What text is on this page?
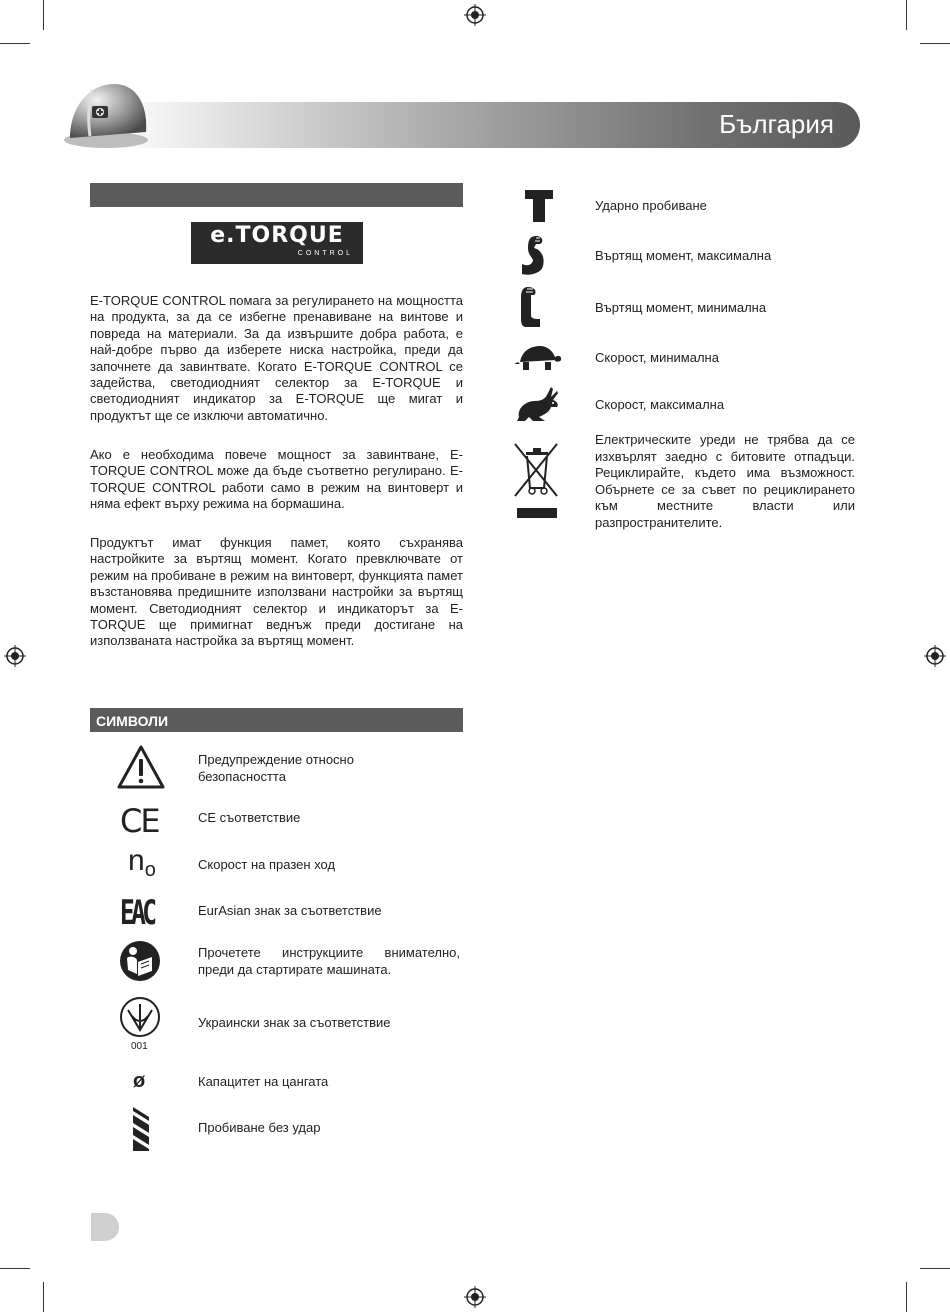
България
e.TORQUE
CONTROL
E-TORQUE CONTROL помага за регулирането на мощността на продукта, за да се избегне пренавиване на винтове и повреда на материали. За да извършите добра работа, е най-добре първо да изберете ниска настройка, преди да започнете да завинтвате. Когато E-TORQUE CONTROL се задейства, светодиодният селектор за E-TORQUE и светодиодният индикатор за E-TORQUE ще мигат и продуктът ще се изключи автоматично.
Ако е необходима повече мощност за завинтване, E-TORQUE CONTROL може да бъде съответно регулирано. E-TORQUE CONTROL работи само в режим на винтоверт и няма ефект върху режима на бормашина.
Продуктът имат функция памет, която съхранява настройките за въртящ момент. Когато превключвате от режим на пробиване в режим на винтоверт, функцията памет възстановява предишните използвани настройки за въртящ момент. Светодиодният селектор и индикаторът за E-TORQUE ще примигнат веднъж преди достигане на използваната настройка за въртящ момент.
СИМВОЛИ
Предупреждение относно безопасността
CE	CE съответствие
$n_o$	Скорост на празен ход
EAC	EurAsian знак за съответствие
Прочетете инструкциите внимателно, преди да стартирате машината.
001
Украински знак за съответствие
ø	Капацитет на цангата
Пробиване без удар
Ударно пробиване
Въртящ момент, максимална
Въртящ момент, минимална
Скорост, минимална
Скорост, максимална
Електрическите уреди не трябва да се изхвърлят заедно с битовите отпадъци. Рециклирайте, където има възможност. Обърнете се за съвет по рециклирането към местните власти или разпространителите.
